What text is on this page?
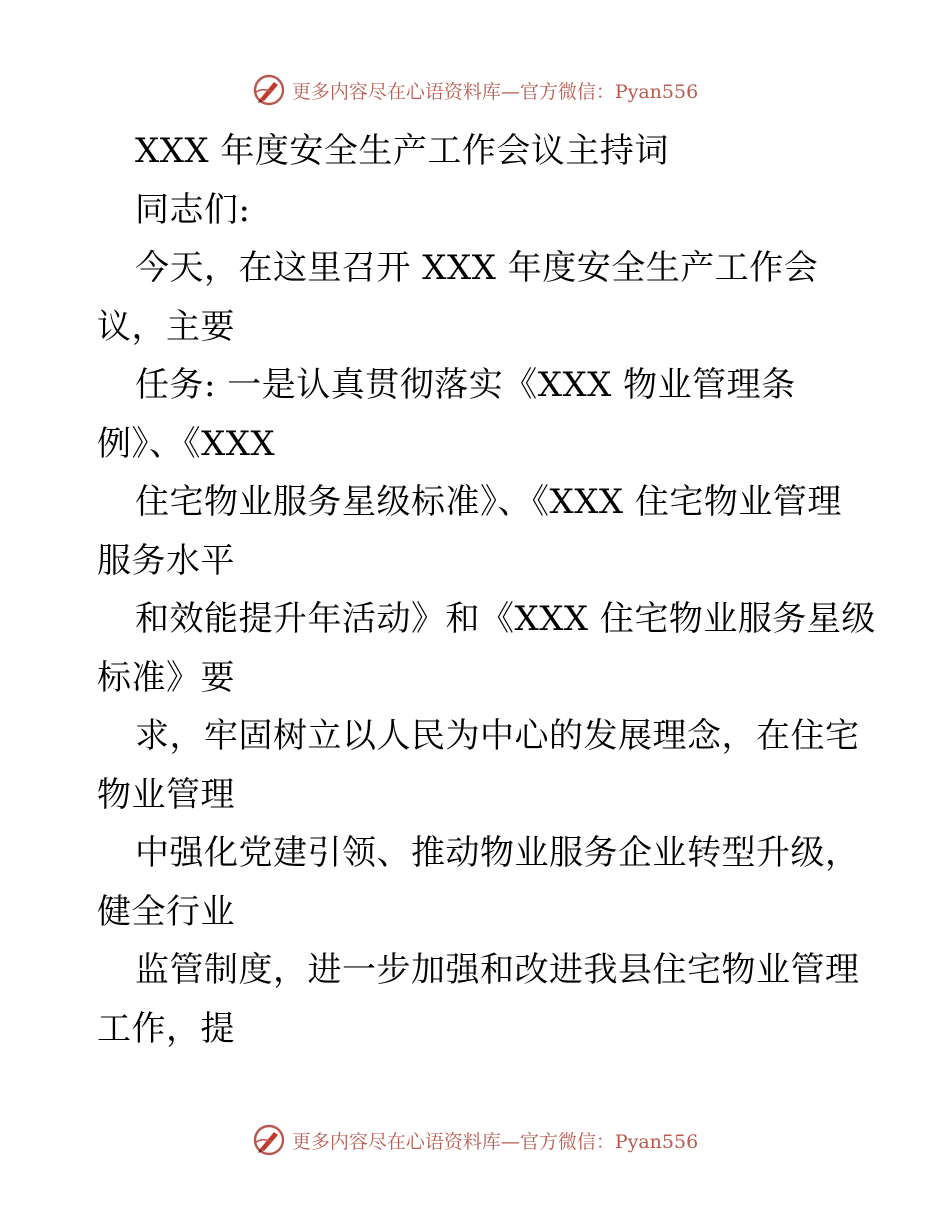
更多内容尽在心语资料库—官方微信：Pyan556
XXX 年度安全生产工作会议主持词
同志们:
今天，在这里召开 XXX 年度安全生产工作会
议，主要
任务: 一是认真贯彻落实《XXX 物业管理条
例》、《XXX
住宅物业服务星级标准》、《XXX 住宅物业管理
服务水平
和效能提升年活动》和《XXX 住宅物业服务星级
标准》要
求，牢固树立以人民为中心的发展理念，在住宅
物业管理
中强化党建引领、推动物业服务企业转型升级，
健全行业
监管制度，进一步加强和改进我县住宅物业管理
工作，提
更多内容尽在心语资料库—官方微信：Pyan556
